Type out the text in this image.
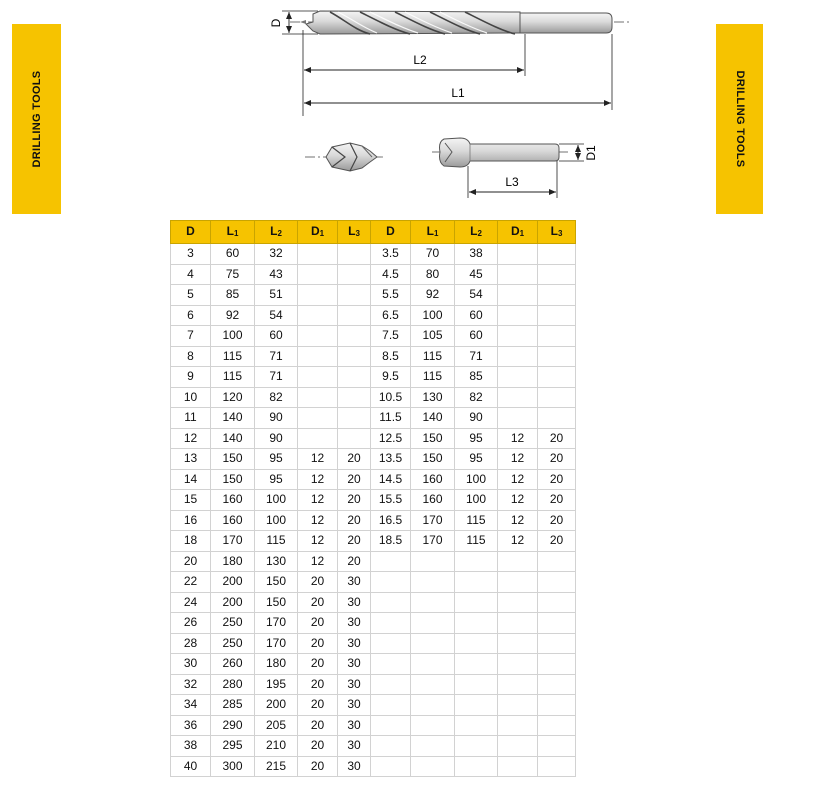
DRILLING TOOLS	DRILLING TOOLS
D
L2
L1
D1
L3
D	$L_1$	$L_2$	$D_1$	$L_3$	D	$L_1$	$L_2$	$D_1$	$L_3$
3	60	32			3.5	70	38		
4	75	43			4.5	80	45		
5	85	51			5.5	92	54		
6	92	54			6.5	100	60		
7	100	60			7.5	105	60		
8	115	71			8.5	115	71		
9	115	71			9.5	115	85		
10	120	82			10.5	130	82		
11	140	90			11.5	140	90		
12	140	90			12.5	150	95	12	20
13	150	95	12	20	13.5	150	95	12	20
14	150	95	12	20	14.5	160	100	12	20
15	160	100	12	20	15.5	160	100	12	20
16	160	100	12	20	16.5	170	115	12	20
18	170	115	12	20	18.5	170	115	12	20
20	180	130	12	20					
22	200	150	20	30					
24	200	150	20	30					
26	250	170	20	30					
28	250	170	20	30					
30	260	180	20	30					
32	280	195	20	30					
34	285	200	20	30					
36	290	205	20	30					
38	295	210	20	30					
40	300	215	20	30					
